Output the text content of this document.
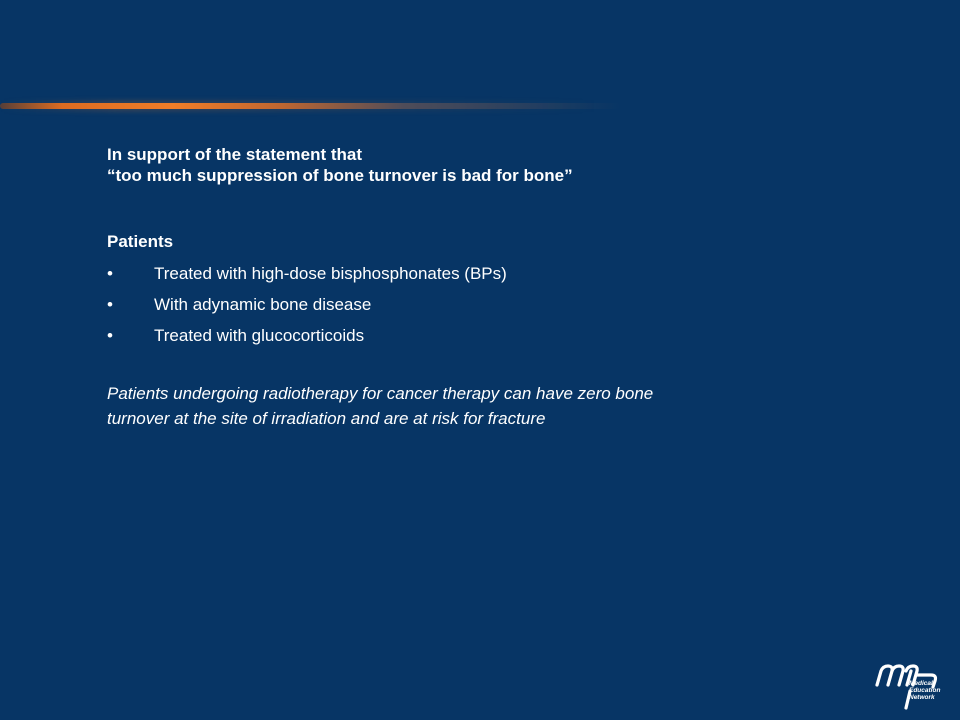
In support of the statement that
“too much suppression of bone turnover is bad for bone”
Patients
•	Treated with high-dose bisphosphonates (BPs)
•	With adynamic bone disease
•	Treated with glucocorticoids
Patients undergoing radiotherapy for cancer therapy can have zero bone
turnover at the site of irradiation and are at risk for fracture
Medical
Education
Network
